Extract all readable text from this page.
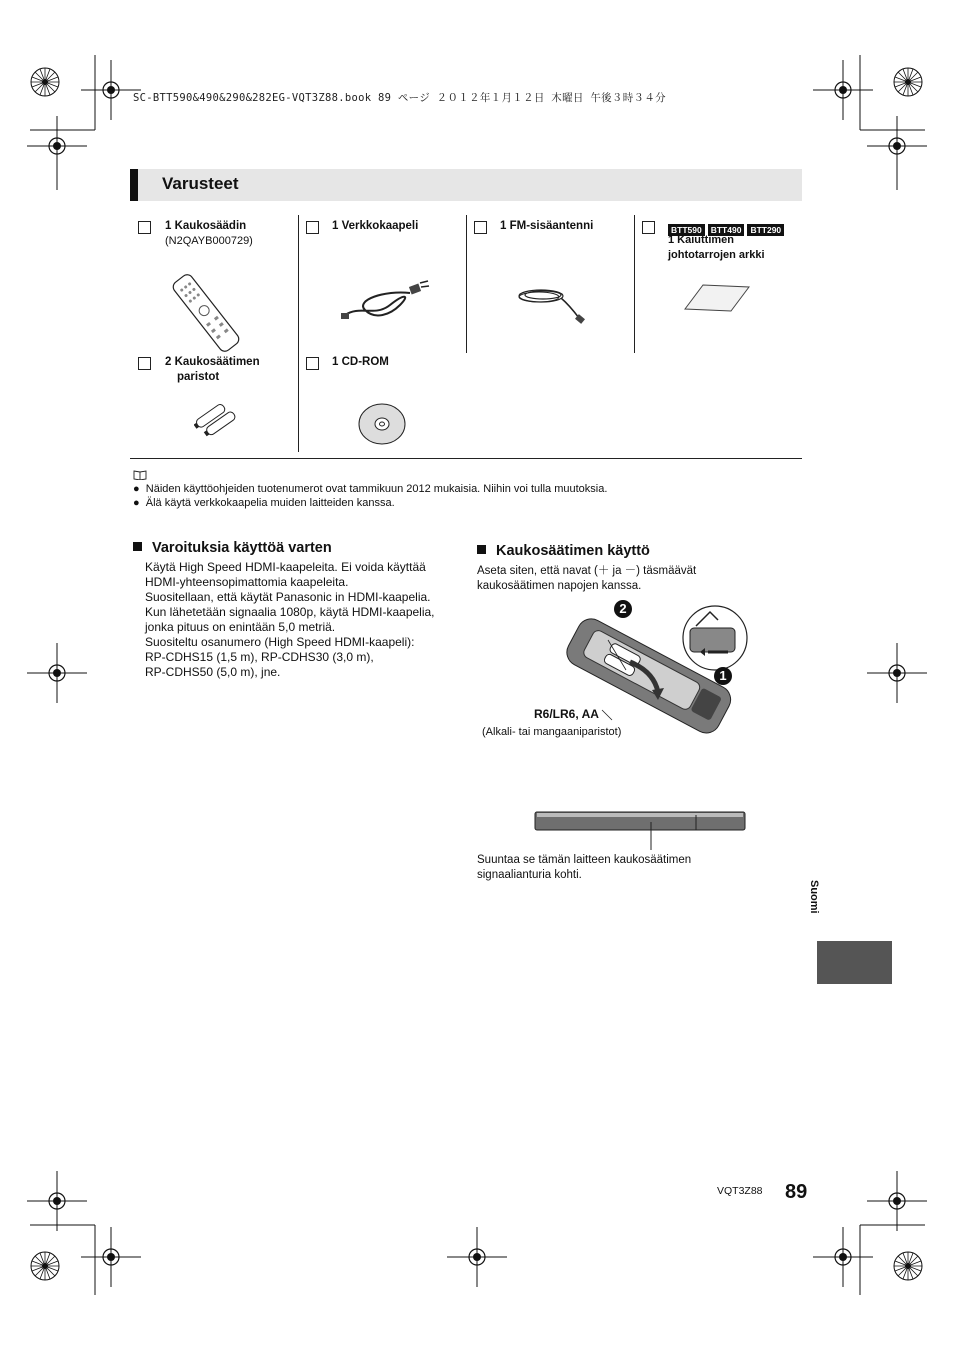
SC-BTT590&490&290&282EG-VQT3Z88.book 89 ページ ２０１２年１月１２日 木曜日 午後３時３４分
Varusteet
1 Kaukosäädin
(N2QAYB000729)
1 Verkkokaapeli	1 FM-sisäantenni	BTT590 BTT490 BTT290
1 Kaiuttimen
johtotarrojen arkki
2 Kaukosäätimen
paristot
1 CD-ROM
●  Näiden käyttöohjeiden tuotenumerot ovat tammikuun 2012 mukaisia. Niihin voi tulla muutoksia.
●  Älä käytä verkkokaapelia muiden laitteiden kanssa.
Varoituksia käyttöä varten
Käytä High Speed HDMI-kaapeleita. Ei voida käyttää
HDMI-yhteensopimattomia kaapeleita.
Suositellaan, että käytät Panasonic in HDMI-kaapelia.
Kun lähetetään signaalia 1080p, käytä HDMI-kaapelia,
jonka pituus on enintään 5,0 metriä.
Suositeltu osanumero (High Speed HDMI-kaapeli):
RP-CDHS15 (1,5 m), RP-CDHS30 (3,0 m),
RP-CDHS50 (5,0 m), jne.
Kaukosäätimen käyttö
Aseta siten, että navat (＋ ja －) täsmäävät
kaukosäätimen napojen kanssa.
2
1
R6/LR6, AA
(Alkali- tai mangaaniparistot)
Suuntaa se tämän laitteen kaukosäätimen
signaalianturia kohti.
Suomi
VQT3Z88 89
